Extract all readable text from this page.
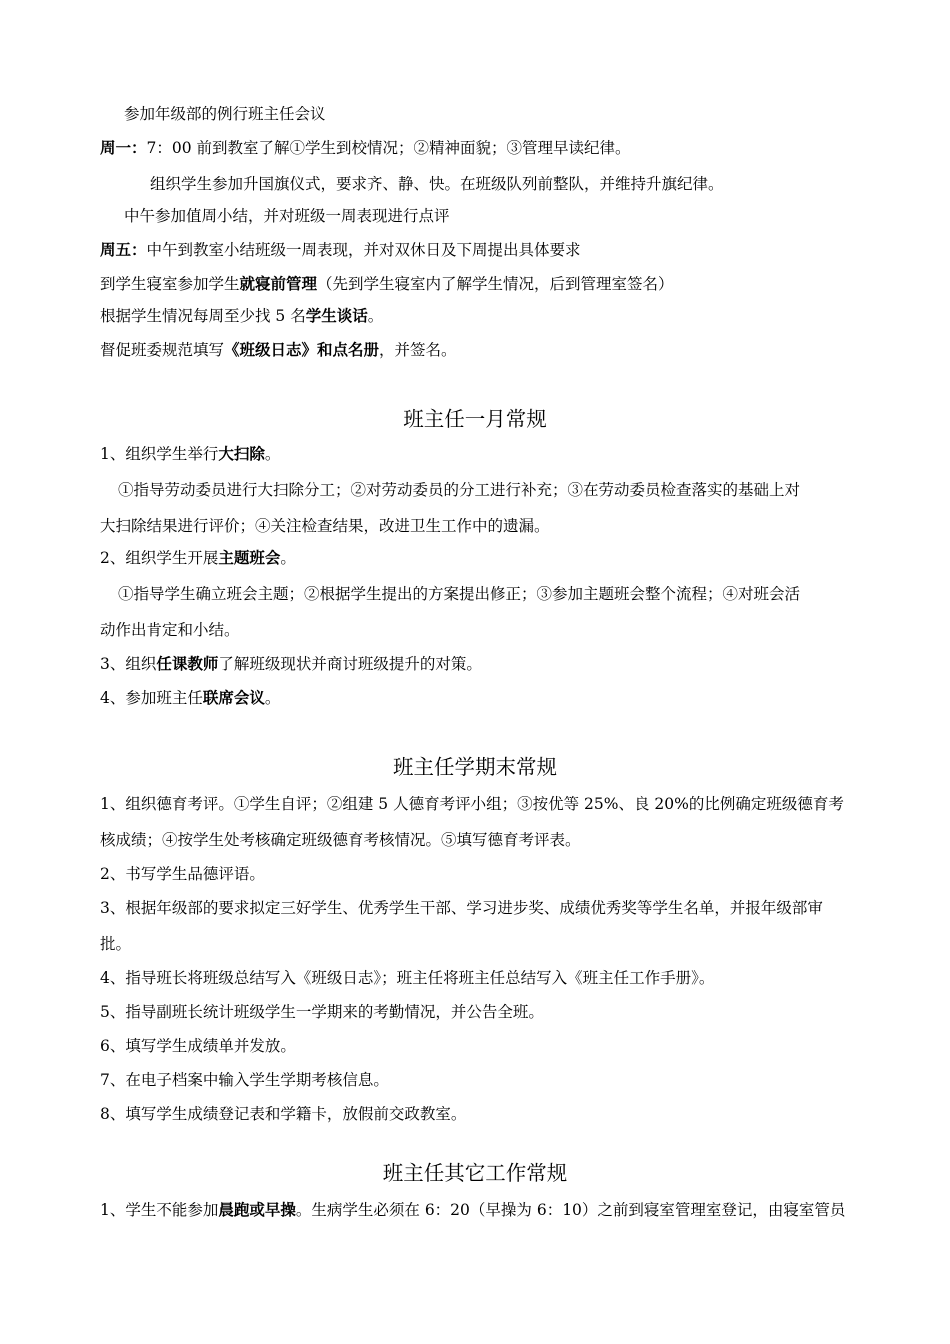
参加年级部的例行班主任会议
周一：7：00 前到教室了解①学生到校情况；②精神面貌；③管理早读纪律。
组织学生参加升国旗仪式，要求齐、静、快。在班级队列前整队，并维持升旗纪律。
中午参加值周小结，并对班级一周表现进行点评
周五：中午到教室小结班级一周表现，并对双休日及下周提出具体要求
到学生寝室参加学生就寝前管理（先到学生寝室内了解学生情况，后到管理室签名）
根据学生情况每周至少找 5 名学生谈话。
督促班委规范填写《班级日志》和点名册，并签名。
班主任一月常规
1、组织学生举行大扫除。
①指导劳动委员进行大扫除分工；②对劳动委员的分工进行补充；③在劳动委员检查落实的基础上对
大扫除结果进行评价；④关注检查结果，改进卫生工作中的遗漏。
2、组织学生开展主题班会。
①指导学生确立班会主题；②根据学生提出的方案提出修正；③参加主题班会整个流程；④对班会活
动作出肯定和小结。
3、组织任课教师了解班级现状并商讨班级提升的对策。
4、参加班主任联席会议。
班主任学期末常规
1、组织德育考评。①学生自评；②组建 5 人德育考评小组；③按优等 25%、良 20%的比例确定班级德育考
核成绩；④按学生处考核确定班级德育考核情况。⑤填写德育考评表。
2、书写学生品德评语。
3、根据年级部的要求拟定三好学生、优秀学生干部、学习进步奖、成绩优秀奖等学生名单，并报年级部审
批。
4、指导班长将班级总结写入《班级日志》；班主任将班主任总结写入《班主任工作手册》。
5、指导副班长统计班级学生一学期来的考勤情况，并公告全班。
6、填写学生成绩单并发放。
7、在电子档案中输入学生学期考核信息。
8、填写学生成绩登记表和学籍卡，放假前交政教室。
班主任其它工作常规
1、学生不能参加晨跑或早操。生病学生必须在 6：20（早操为 6：10）之前到寝室管理室登记，由寝室管员
